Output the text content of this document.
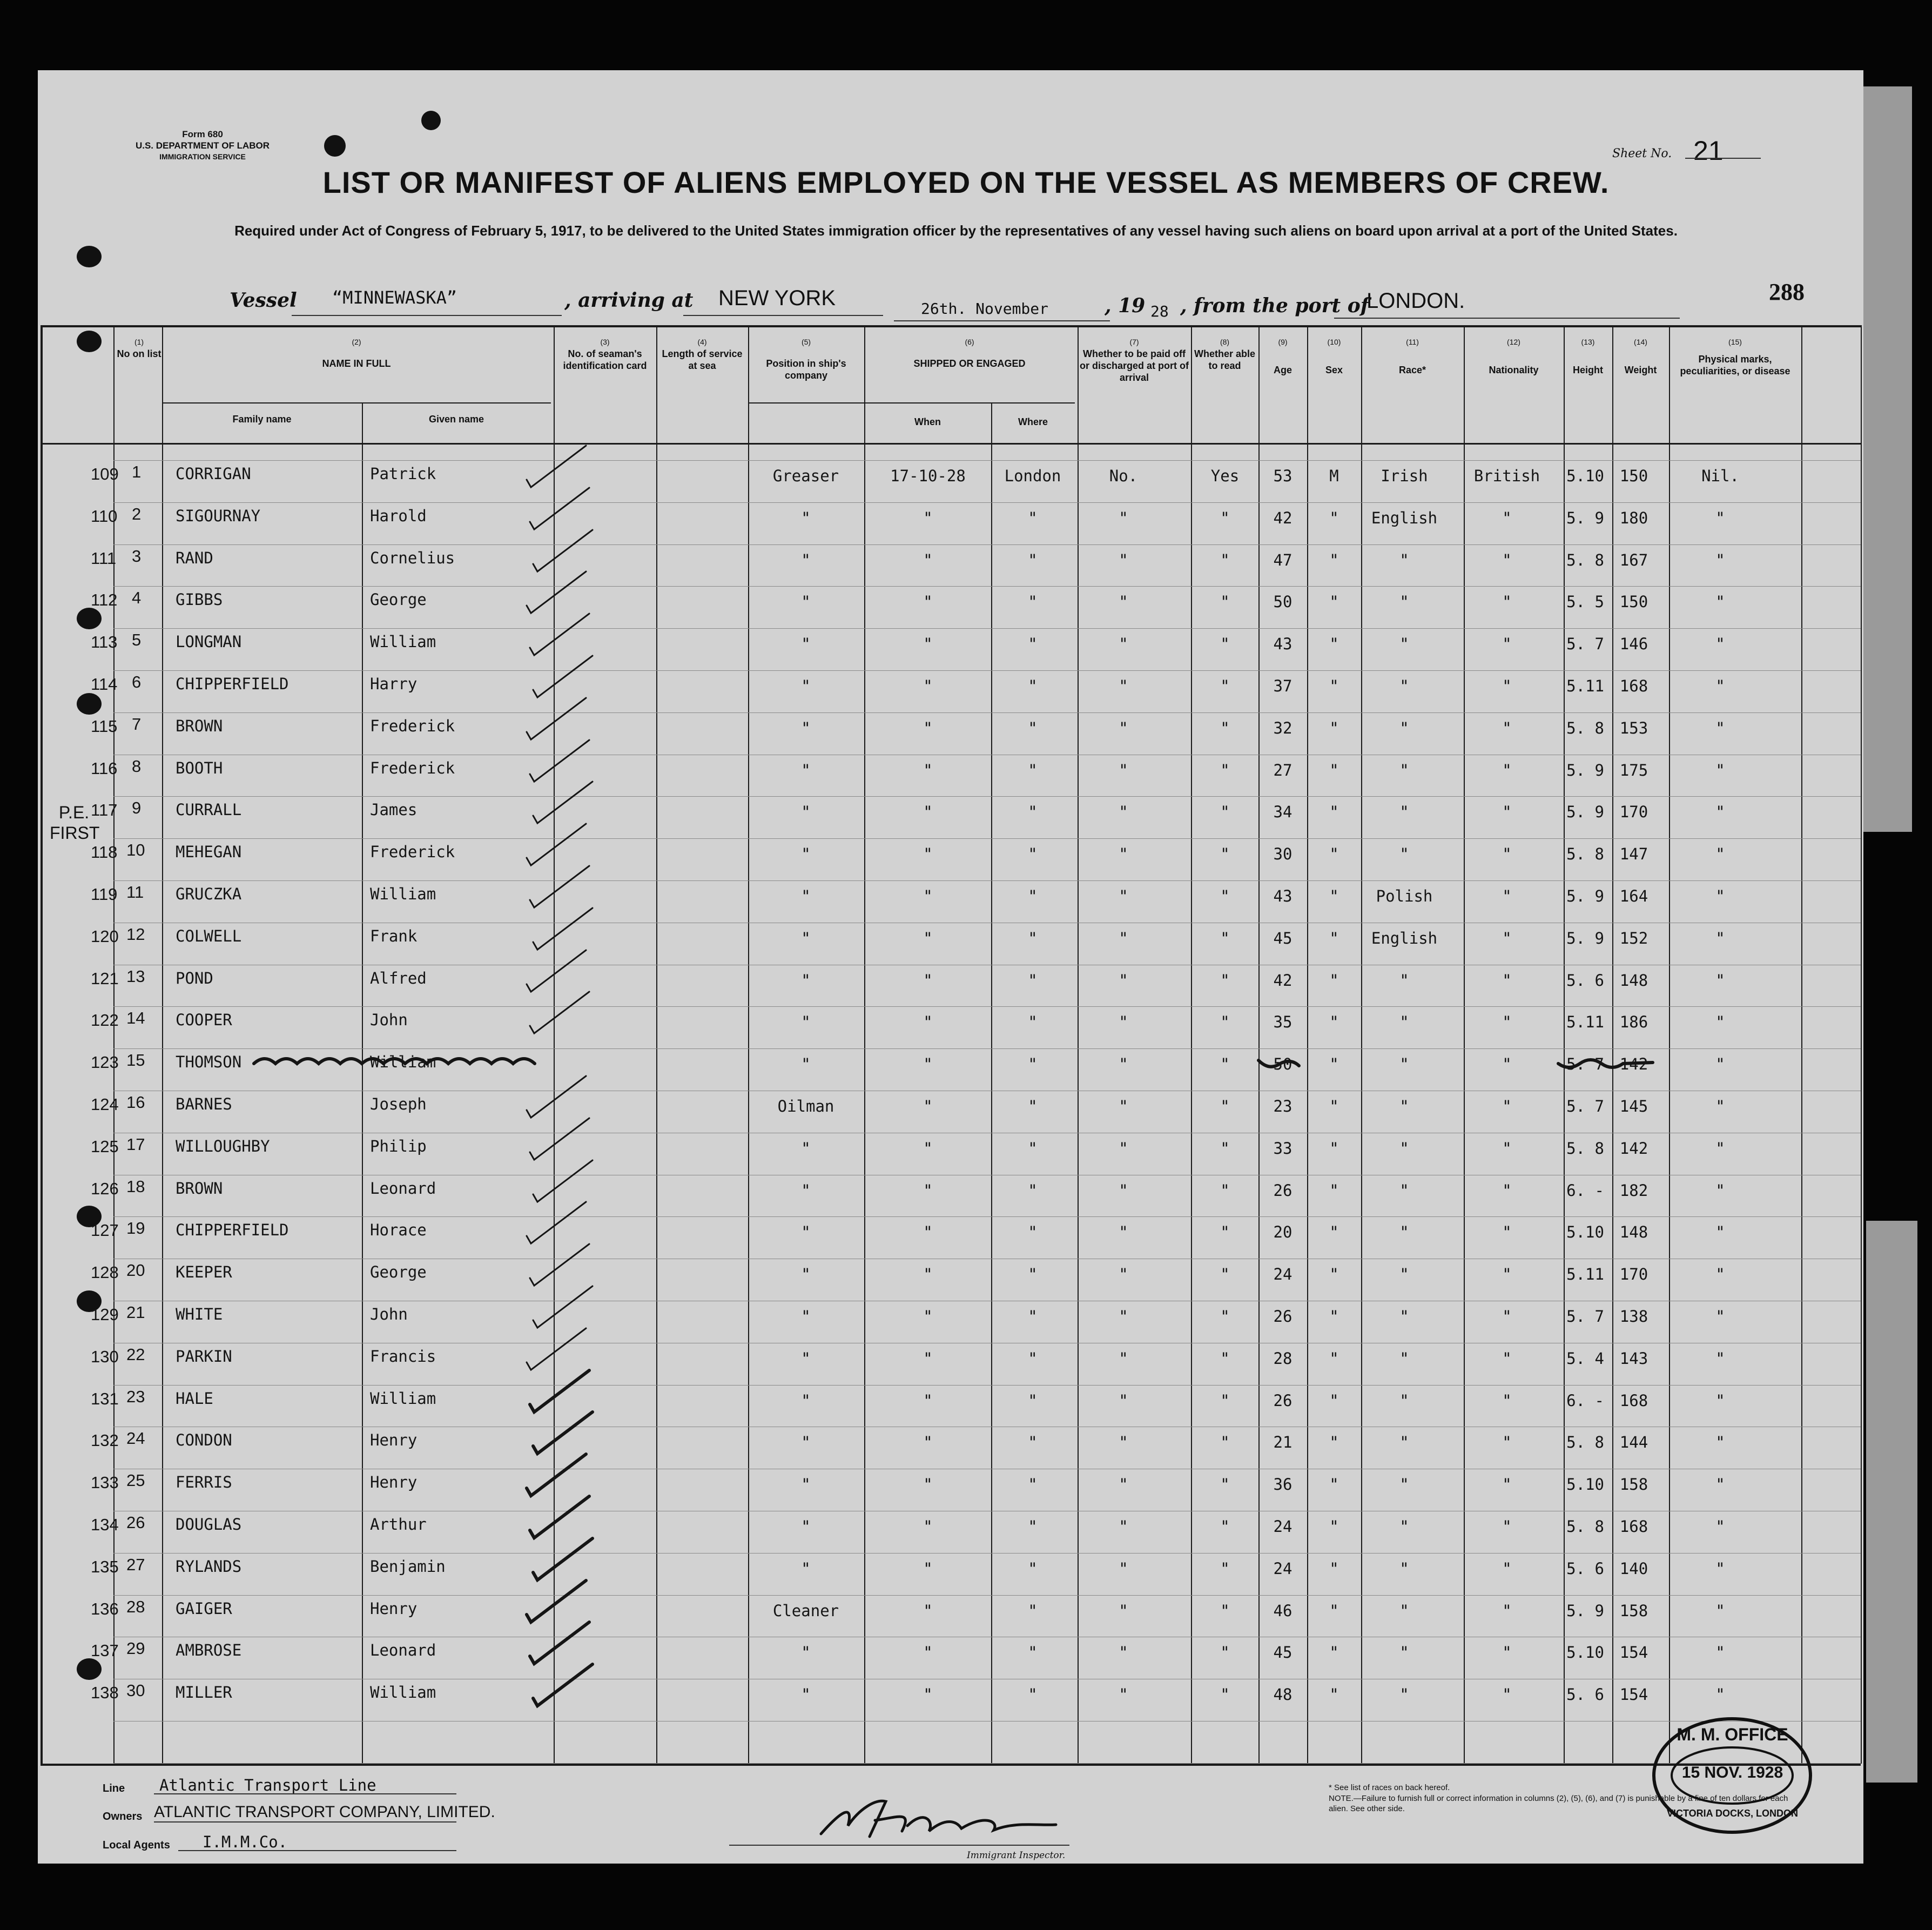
Form 680
U.S. DEPARTMENT OF LABOR
IMMIGRATION SERVICE	Sheet No. 21
LIST OR MANIFEST OF ALIENS EMPLOYED ON THE VESSEL AS MEMBERS OF CREW.
Required under Act of Congress of February 5, 1917, to be delivered to the United States immigration officer by the representatives of any vessel having such aliens on board upon arrival at a port of the United States.
Vessel “MINNEWASKA”	, arriving at NEW YORK	26th. November	, 19 28 , from the port of
LONDON.	288
(1)
No on list
(2)
NAME IN FULL
Family name	Given name
(3)
No. of seaman's identification card
(4)
Length of service at sea
(5)
Position in ship's company
(6)
SHIPPED OR ENGAGED
When	Where
(7)
Whether to be paid off or discharged at port of arrival
(8)
Whether able to read
(9)
Age
(10)
Sex
(11)
Race*
(12)
Nationality
(13)
Height
(14)
Weight
(15)
Physical marks, peculiarities, or disease
109 1 CORRIGAN	Patrick	Greaser	17-10-28	London	No.	Yes	53	M	Irish	British	5.10 150	Nil.
110 2 SIGOURNAY	Harold	"	"	"	"	"	42	"	English	"	5. 9 180	"
111 3 RAND	Cornelius	"	"	"	"	"	47	"	"	"	5. 8 167	"
112 4 GIBBS	George	"	"	"	"	"	50	"	"	"	5. 5 150	"
113 5 LONGMAN	William	"	"	"	"	"	43	"	"	"	5. 7 146	"
114 6 CHIPPERFIELD	Harry	"	"	"	"	"	37	"	"	"	5.11 168	"
115 7 BROWN	Frederick	"	"	"	"	"	32	"	"	"	5. 8 153	"
116 8 BOOTH	Frederick	"	"	"	"	"	27	"	"	"	5. 9 175	"
117 9 CURRALL	James	"	"	"	"	"	34	"	"	"	5. 9 170	"
118 10 MEHEGAN	Frederick	"	"	"	"	"	30	"	"	"	5. 8 147	"
P.E. FIRST
119 11 GRUCZKA	William	"	"	"	"	"	43	"	Polish	"	5. 9 164	"
120 12 COLWELL	Frank	"	"	"	"	"	45	"	English	"	5. 9 152	"
121 13 POND	Alfred	"	"	"	"	"	42	"	"	"	5. 6 148	"
122 14 COOPER	John	"	"	"	"	"	35	"	"	"	5.11 186	"
123 15 THOMSON	William	"	"	"	"	"	50	"	"	"	5. 7 142	"
124 16 BARNES	Joseph	Oilman	"	"	"	"	23	"	"	"	5. 7 145	"
125 17 WILLOUGHBY	Philip	"	"	"	"	"	33	"	"	"	5. 8 142	"
126 18 BROWN	Leonard	"	"	"	"	"	26	"	"	"	6. - 182	"
127 19 CHIPPERFIELD	Horace	"	"	"	"	"	20	"	"	"	5.10 148	"
128 20 KEEPER	George	"	"	"	"	"	24	"	"	"	5.11 170	"
129 21 WHITE	John	"	"	"	"	"	26	"	"	"	5. 7 138	"
130 22 PARKIN	Francis	"	"	"	"	"	28	"	"	"	5. 4 143	"
131 23 HALE	William	"	"	"	"	"	26	"	"	"	6. - 168	"
132 24 CONDON	Henry	"	"	"	"	"	21	"	"	"	5. 8 144	"
133 25 FERRIS	Henry	"	"	"	"	"	36	"	"	"	5.10 158	"
134 26 DOUGLAS	Arthur	"	"	"	"	"	24	"	"	"	5. 8 168	"
135 27 RYLANDS	Benjamin	"	"	"	"	"	24	"	"	"	5. 6 140	"
136 28 GAIGER	Henry	Cleaner	"	"	"	"	46	"	"	"	5. 9 158	"
137 29 AMBROSE	Leonard	"	"	"	"	"	45	"	"	"	5.10 154	"
138 30 MILLER	William	"	"	"	"	"	48	"	"	"	5. 6 154	"
Line Atlantic Transport Line
Owners ATLANTIC TRANSPORT COMPANY, LIMITED.
Local Agents I.M.M.Co.
Immigrant Inspector.
* See list of races on back hereof.
NOTE.—Failure to furnish full or correct information in columns (2), (5), (6), and (7) is punishable by a fine of ten dollars for each alien. See other side.
M. M. OFFICE
15 NOV. 1928
VICTORIA DOCKS, LONDON
